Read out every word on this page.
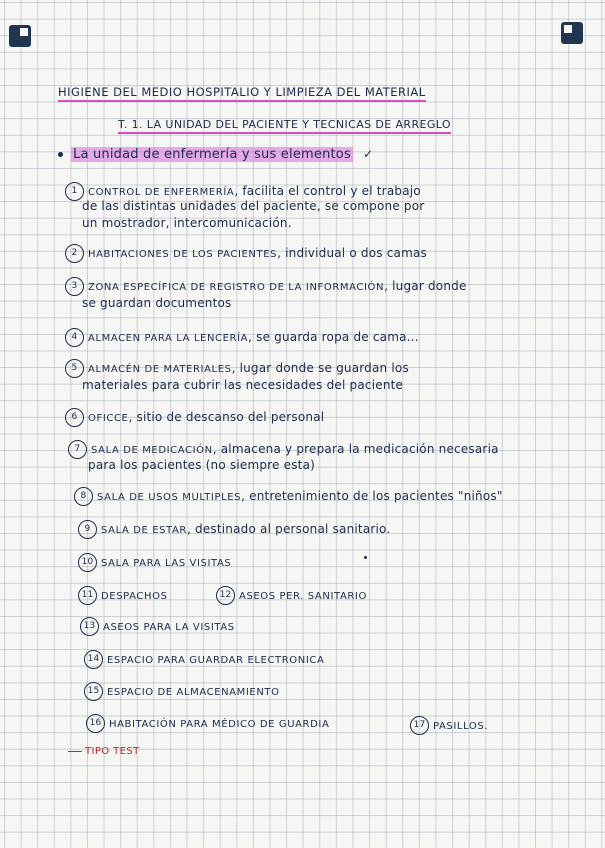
HIGIENE DEL MEDIO HOSPITALIO Y LIMPIEZA DEL MATERIAL
T. 1. LA UNIDAD DEL PACIENTE Y TECNICAS DE ARREGLO
La unidad de enfermería y sus elementos ✓
1 CONTROL DE ENFERMERÍA, facilita el control y el trabajo
de las distintas unidades del paciente, se compone por
un mostrador, intercomunicación.
2 HABITACIONES DE LOS PACIENTES, individual o dos camas
3 ZONA ESPECÍFICA DE REGISTRO DE LA INFORMACIÓN, lugar donde
se guardan documentos
4 ALMACEN PARA LA LENCERÍA, se guarda ropa de cama...
5 ALMACÉN DE MATERIALES, lugar donde se guardan los
materiales para cubrir las necesidades del paciente
6 OFICCE, sitio de descanso del personal
7 SALA DE MEDICACIÓN, almacena y prepara la medicación necesaria
para los pacientes (no siempre esta)
8 SALA DE USOS MULTIPLES, entretenimiento de los pacientes "niños"
9 SALA DE ESTAR, destinado al personal sanitario.
10 SALA PARA LAS VISITAS
11 DESPACHOS	12 ASEOS PER. SANITARIO
13 ASEOS PARA LA VISITAS
14 ESPACIO PARA GUARDAR ELECTRONICA
15 ESPACIO DE ALMACENAMIENTO
16 HABITACIÓN PARA MÉDICO DE GUARDIA	17 PASILLOS.
TIPO TEST
